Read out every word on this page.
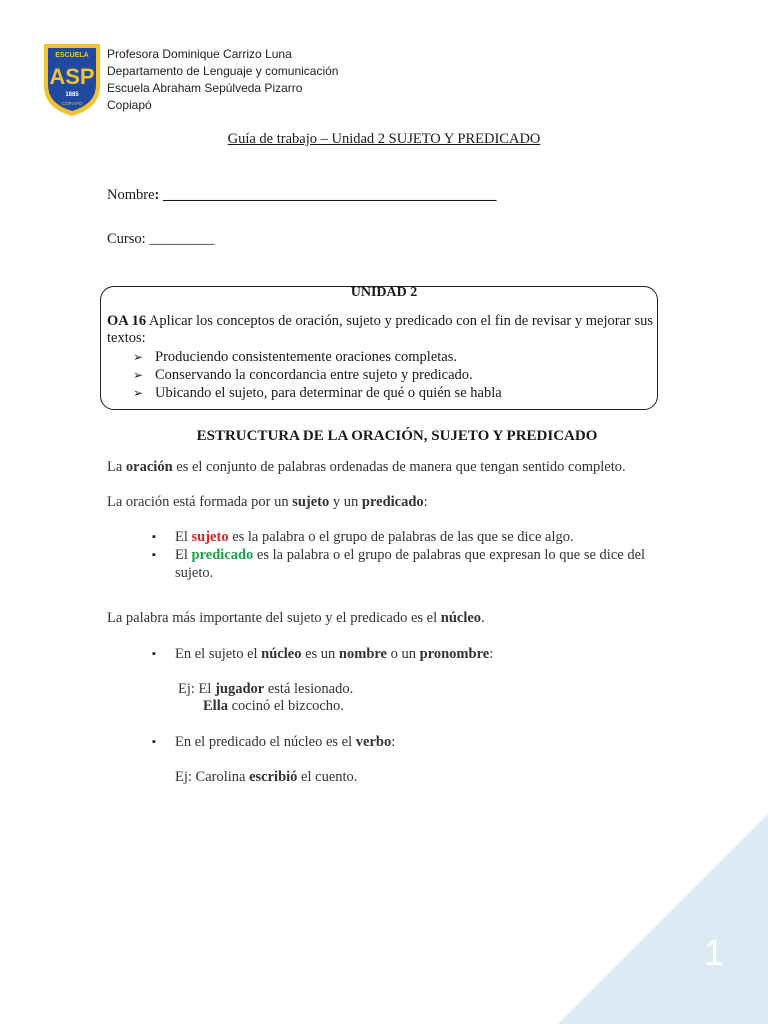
ESCUELA
ASP
1885
COPIAPO
Profesora Dominique Carrizo Luna
Departamento de Lenguaje y comunicación
Escuela Abraham Sepúlveda Pizarro
Copiapó
Guía de trabajo – Unidad 2 SUJETO Y PREDICADO
Nombre: ______________________________________________
Curso: _________
UNIDAD 2
OA 16 Aplicar los conceptos de oración, sujeto y predicado con el fin de revisar y mejorar sus textos:
➢ Produciendo consistentemente oraciones completas.
➢ Conservando la concordancia entre sujeto y predicado.
➢ Ubicando el sujeto, para determinar de qué o quién se habla
ESTRUCTURA DE LA ORACIÓN, SUJETO Y PREDICADO
La oración es el conjunto de palabras ordenadas de manera que tengan sentido completo.
La oración está formada por un sujeto y un predicado:
▪ El sujeto es la palabra o el grupo de palabras de las que se dice algo.
▪ El predicado es la palabra o el grupo de palabras que expresan lo que se dice del sujeto.
La palabra más importante del sujeto y el predicado es el núcleo.
▪ En el sujeto el núcleo es un nombre o un pronombre:
Ej: El jugador está lesionado.
Ella cocinó el bizcocho.
▪ En el predicado el núcleo es el verbo:
Ej: Carolina escribió el cuento.
1
